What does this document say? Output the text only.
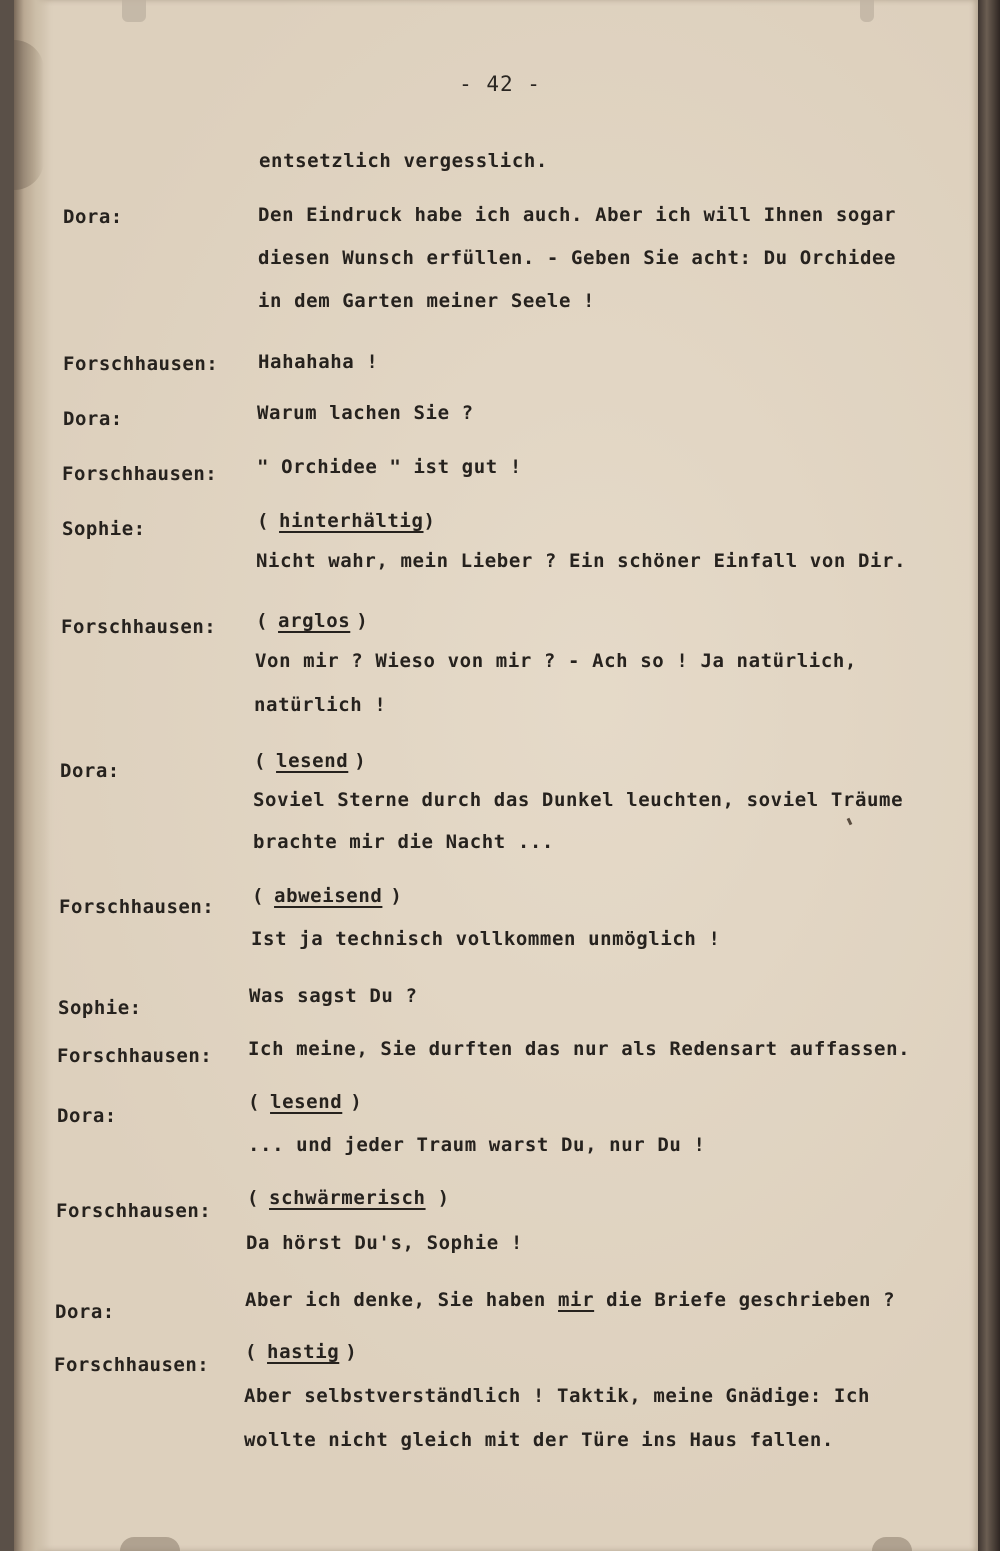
- 42 -
Dora:
Forschhausen:
Dora:
Forschhausen:
Sophie:
Forschhausen:
Dora:
Forschhausen:
Sophie:
Forschhausen:
Dora:
Forschhausen:
Dora:
Forschhausen:
entsetzlich vergesslich.
Den Eindruck habe ich auch. Aber ich will Ihnen sogar
diesen Wunsch erfüllen. - Geben Sie acht: Du Orchidee
in dem Garten meiner Seele !
Hahahaha !
Warum lachen Sie ?
" Orchidee " ist gut !
( hinterhältig)
Nicht wahr, mein Lieber ? Ein schöner Einfall von Dir.
( arglos )
Von mir ? Wieso von mir ? - Ach so ! Ja natürlich,
natürlich !
( lesend )
Soviel Sterne durch das Dunkel leuchten, soviel Träume
brachte mir die Nacht ...
( abweisend )
Ist ja technisch vollkommen unmöglich !
Was sagst Du ?
Ich meine, Sie durften das nur als Redensart auffassen.
( lesend )
... und jeder Traum warst Du, nur Du !
( schwärmerisch )
Da hörst Du's, Sophie !
Aber ich denke, Sie haben mir die Briefe geschrieben ?
( hastig )
Aber selbstverständlich ! Taktik, meine Gnädige: Ich
wollte nicht gleich mit der Türe ins Haus fallen.
